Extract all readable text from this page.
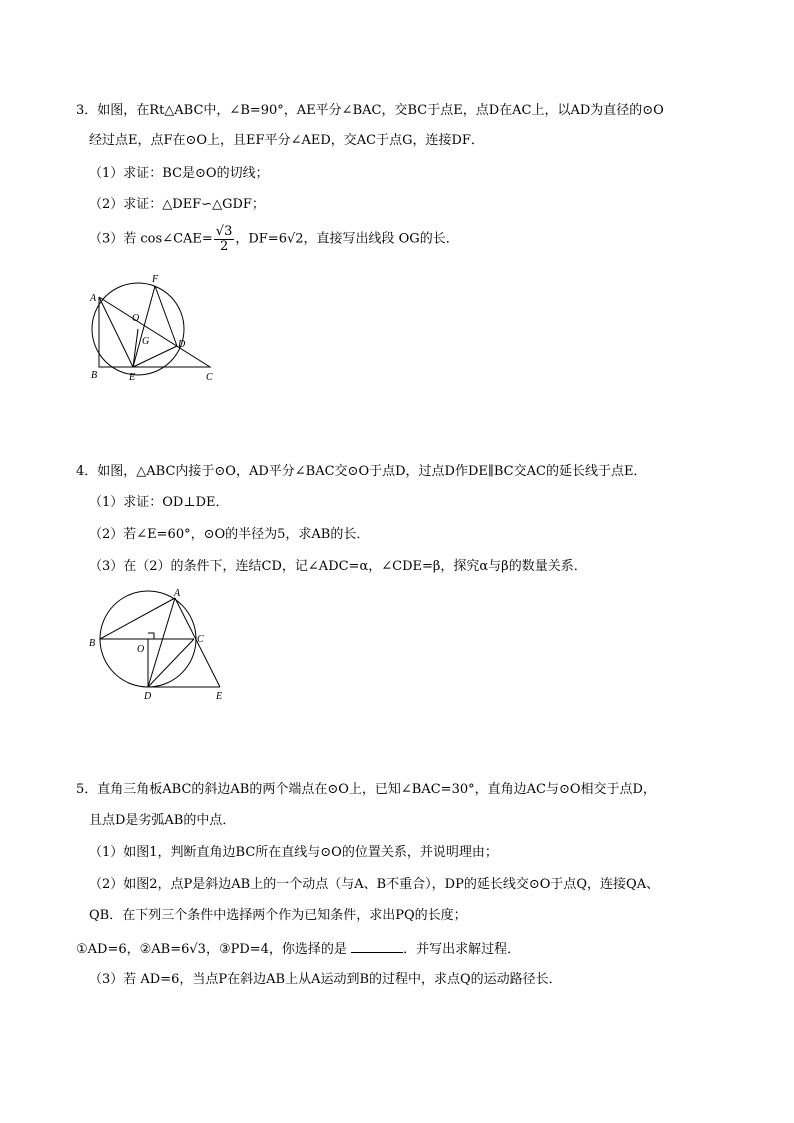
3．如图，在Rt△ABC中，∠B=90°，AE平分∠BAC，交BC于点E，点D在AC上，以AD为直径的⊙O
经过点E，点F在⊙O上，且EF平分∠AED，交AC于点G，连接DF．
（1）求证：BC是⊙O的切线；
（2）求证：△DEF∽△GDF；
（3）若 cos∠CAE= $\frac{√3}{2}$ ，DF=6√2，直接写出线段 OG的长．
A
B	C
D
E
F
G
O
4．如图，△ABC内接于⊙O，AD平分∠BAC交⊙O于点D，过点D作DE∥BC交AC的延长线于点E．
（1）求证：OD⊥DE．
（2）若∠E=60°，⊙O的半径为5，求AB的长．
（3）在（2）的条件下，连结CD，记∠ADC=α，∠CDE=β，探究α与β的数量关系．
B
A
C
D	E
O
5．直角三角板ABC的斜边AB的两个端点在⊙O上，已知∠BAC=30°，直角边AC与⊙O相交于点D，
且点D是劣弧AB的中点．
（1）如图1，判断直角边BC所在直线与⊙O的位置关系，并说明理由；
（2）如图2，点P是斜边AB上的一个动点（与A、B不重合），DP的延长线交⊙O于点Q，连接QA、
QB．在下列三个条件中选择两个作为已知条件，求出PQ的长度；
①AD=6，②AB=6√3，③PD=4，你选择的是	．并写出求解过程．
（3）若 AD=6，当点P在斜边AB上从A运动到B的过程中，求点Q的运动路径长．
